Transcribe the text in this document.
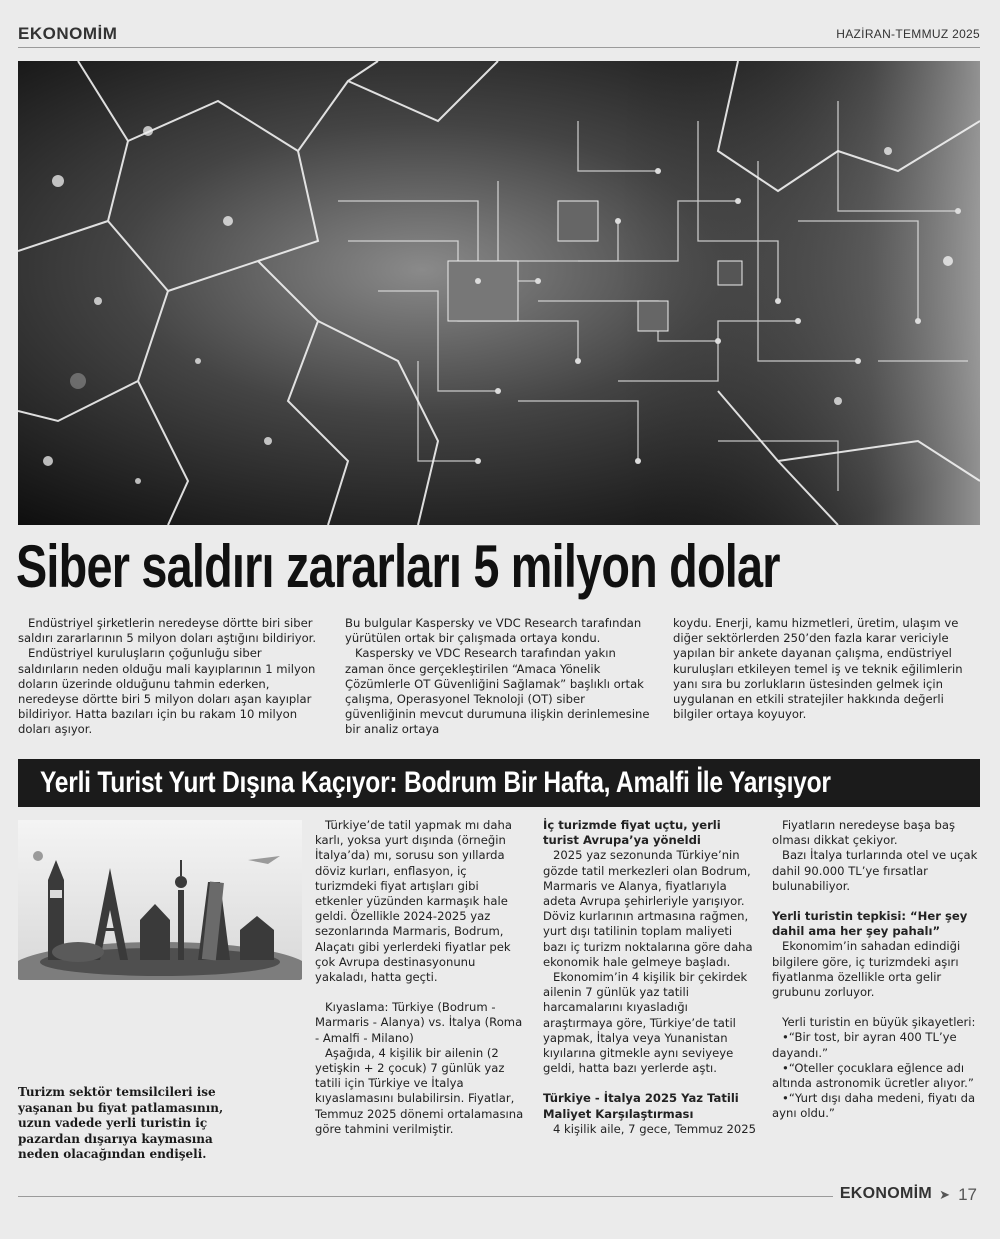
EKONOMİM	HAZİRAN-TEMMUZ 2025
Siber saldırı zararları 5 milyon dolar

Endüstriyel şirketlerin neredeyse dörtte biri siber saldırı zararlarının 5 milyon doları aştığını bildiriyor.

Endüstriyel kuruluşların çoğunluğu siber saldırıların neden olduğu mali kayıplarının 1 milyon doların üzerinde olduğunu tahmin ederken, neredeyse dörtte biri 5 milyon doları aşan kayıplar bildiriyor. Hatta bazıları için bu rakam 10 milyon doları aşıyor.

Bu bulgular Kaspersky ve VDC Research tarafından yürütülen ortak bir çalışmada ortaya kondu.

Kaspersky ve VDC Research tarafından yakın zaman önce gerçekleştirilen “Amaca Yönelik Çözümlerle OT Güvenliğini Sağlamak” başlıklı ortak çalışma, Operasyonel Teknoloji (OT) siber güvenliğinin mevcut durumuna ilişkin derinlemesine bir analiz ortaya

koydu. Enerji, kamu hizmetleri, üretim, ulaşım ve diğer sektörlerden 250’den fazla karar vericiyle yapılan bir ankete dayanan çalışma, endüstriyel kuruluşları etkileyen temel iş ve teknik eğilimlerin yanı sıra bu zorlukların üstesinden gelmek için uygulanan en etkili stratejiler hakkında değerli bilgiler ortaya koyuyor.

Yerli Turist Yurt Dışına Kaçıyor: Bodrum Bir Hafta, Amalfi İle Yarışıyor
Turizm sektör temsilcileri ise yaşanan bu fiyat patlamasının, uzun vadede yerli turistin iç pazardan dışarıya kaymasına neden olacağından endişeli.

Türkiye’de tatil yapmak mı daha karlı, yoksa yurt dışında (örneğin İtalya’da) mı, sorusu son yıllarda döviz kurları, enflasyon, iç turizmdeki fiyat artışları gibi etkenler yüzünden karmaşık hale geldi. Özellikle 2024-2025 yaz sezonlarında Marmaris, Bodrum, Alaçatı gibi yerlerdeki fiyatlar pek çok Avrupa destinasyonunu yakaladı, hatta geçti.

Kıyaslama: Türkiye (Bodrum - Marmaris - Alanya) vs. İtalya (Roma - Amalfi - Milano)

Aşağıda, 4 kişilik bir ailenin (2 yetişkin + 2 çocuk) 7 günlük yaz tatili için Türkiye ve İtalya kıyaslamasını bulabilirsin. Fiyatlar, Temmuz 2025 dönemi ortalamasına göre tahmini verilmiştir.

İç turizmde fiyat uçtu, yerli turist Avrupa’ya yöneldi

2025 yaz sezonunda Türkiye’nin gözde tatil merkezleri olan Bodrum, Marmaris ve Alanya, fiyatlarıyla adeta Avrupa şehirleriyle yarışıyor. Döviz kurlarının artmasına rağmen, yurt dışı tatilinin toplam maliyeti bazı iç turizm noktalarına göre daha ekonomik hale gelmeye başladı.

Ekonomim’in 4 kişilik bir çekirdek ailenin 7 günlük yaz tatili harcamalarını kıyasladığı araştırmaya göre, Türkiye’de tatil yapmak, İtalya veya Yunanistan kıyılarına gitmekle aynı seviyeye geldi, hatta bazı yerlerde aştı.

Türkiye - İtalya 2025 Yaz Tatili Maliyet Karşılaştırması

4 kişilik aile, 7 gece, Temmuz 2025

Fiyatların neredeyse başa baş olması dikkat çekiyor.

Bazı İtalya turlarında otel ve uçak dahil 90.000 TL’ye fırsatlar bulunabiliyor.

Yerli turistin tepkisi: “Her şey dahil ama her şey pahalı”

Ekonomim’in sahadan edindiği bilgilere göre, iç turizmdeki aşırı fiyatlanma özellikle orta gelir grubunu zorluyor.

Yerli turistin en büyük şikayetleri:

•“Bir tost, bir ayran 400 TL’ye dayandı.”

•“Oteller çocuklara eğlence adı altında astronomik ücretler alıyor.”

•“Yurt dışı daha medeni, fiyatı da aynı oldu.”

EKONOMİM ➤ 17
